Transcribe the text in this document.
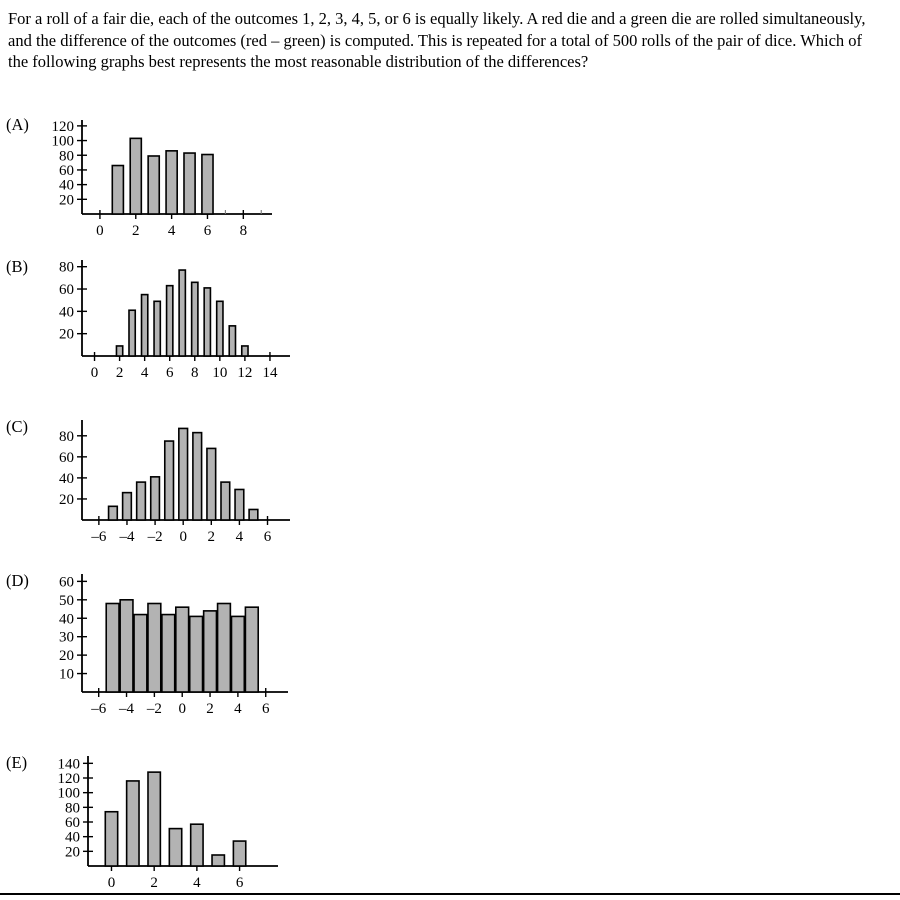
For a roll of a fair die, each of the outcomes 1, 2, 3, 4, 5, or 6 is equally likely. A red die and a green die are rolled simultaneously, and the difference of the outcomes (red – green) is computed. This is repeated for a total of 500 rolls of the pair of dice. Which of the following graphs best represents the most reasonable distribution of the differences?
(A)
20
40
60
80
100
120
0 2 4 6 8
(B)
20
40
60
80
0 2 4 6 8 10 12 14
(C)
20
40
60
80
–6 –4 –2 0 2 4 6
(D)
10
20
30
40
50
60
–6 –4 –2 0 2 4 6
(E)
20
40
60
80
100
120
140
0 2 4 6
